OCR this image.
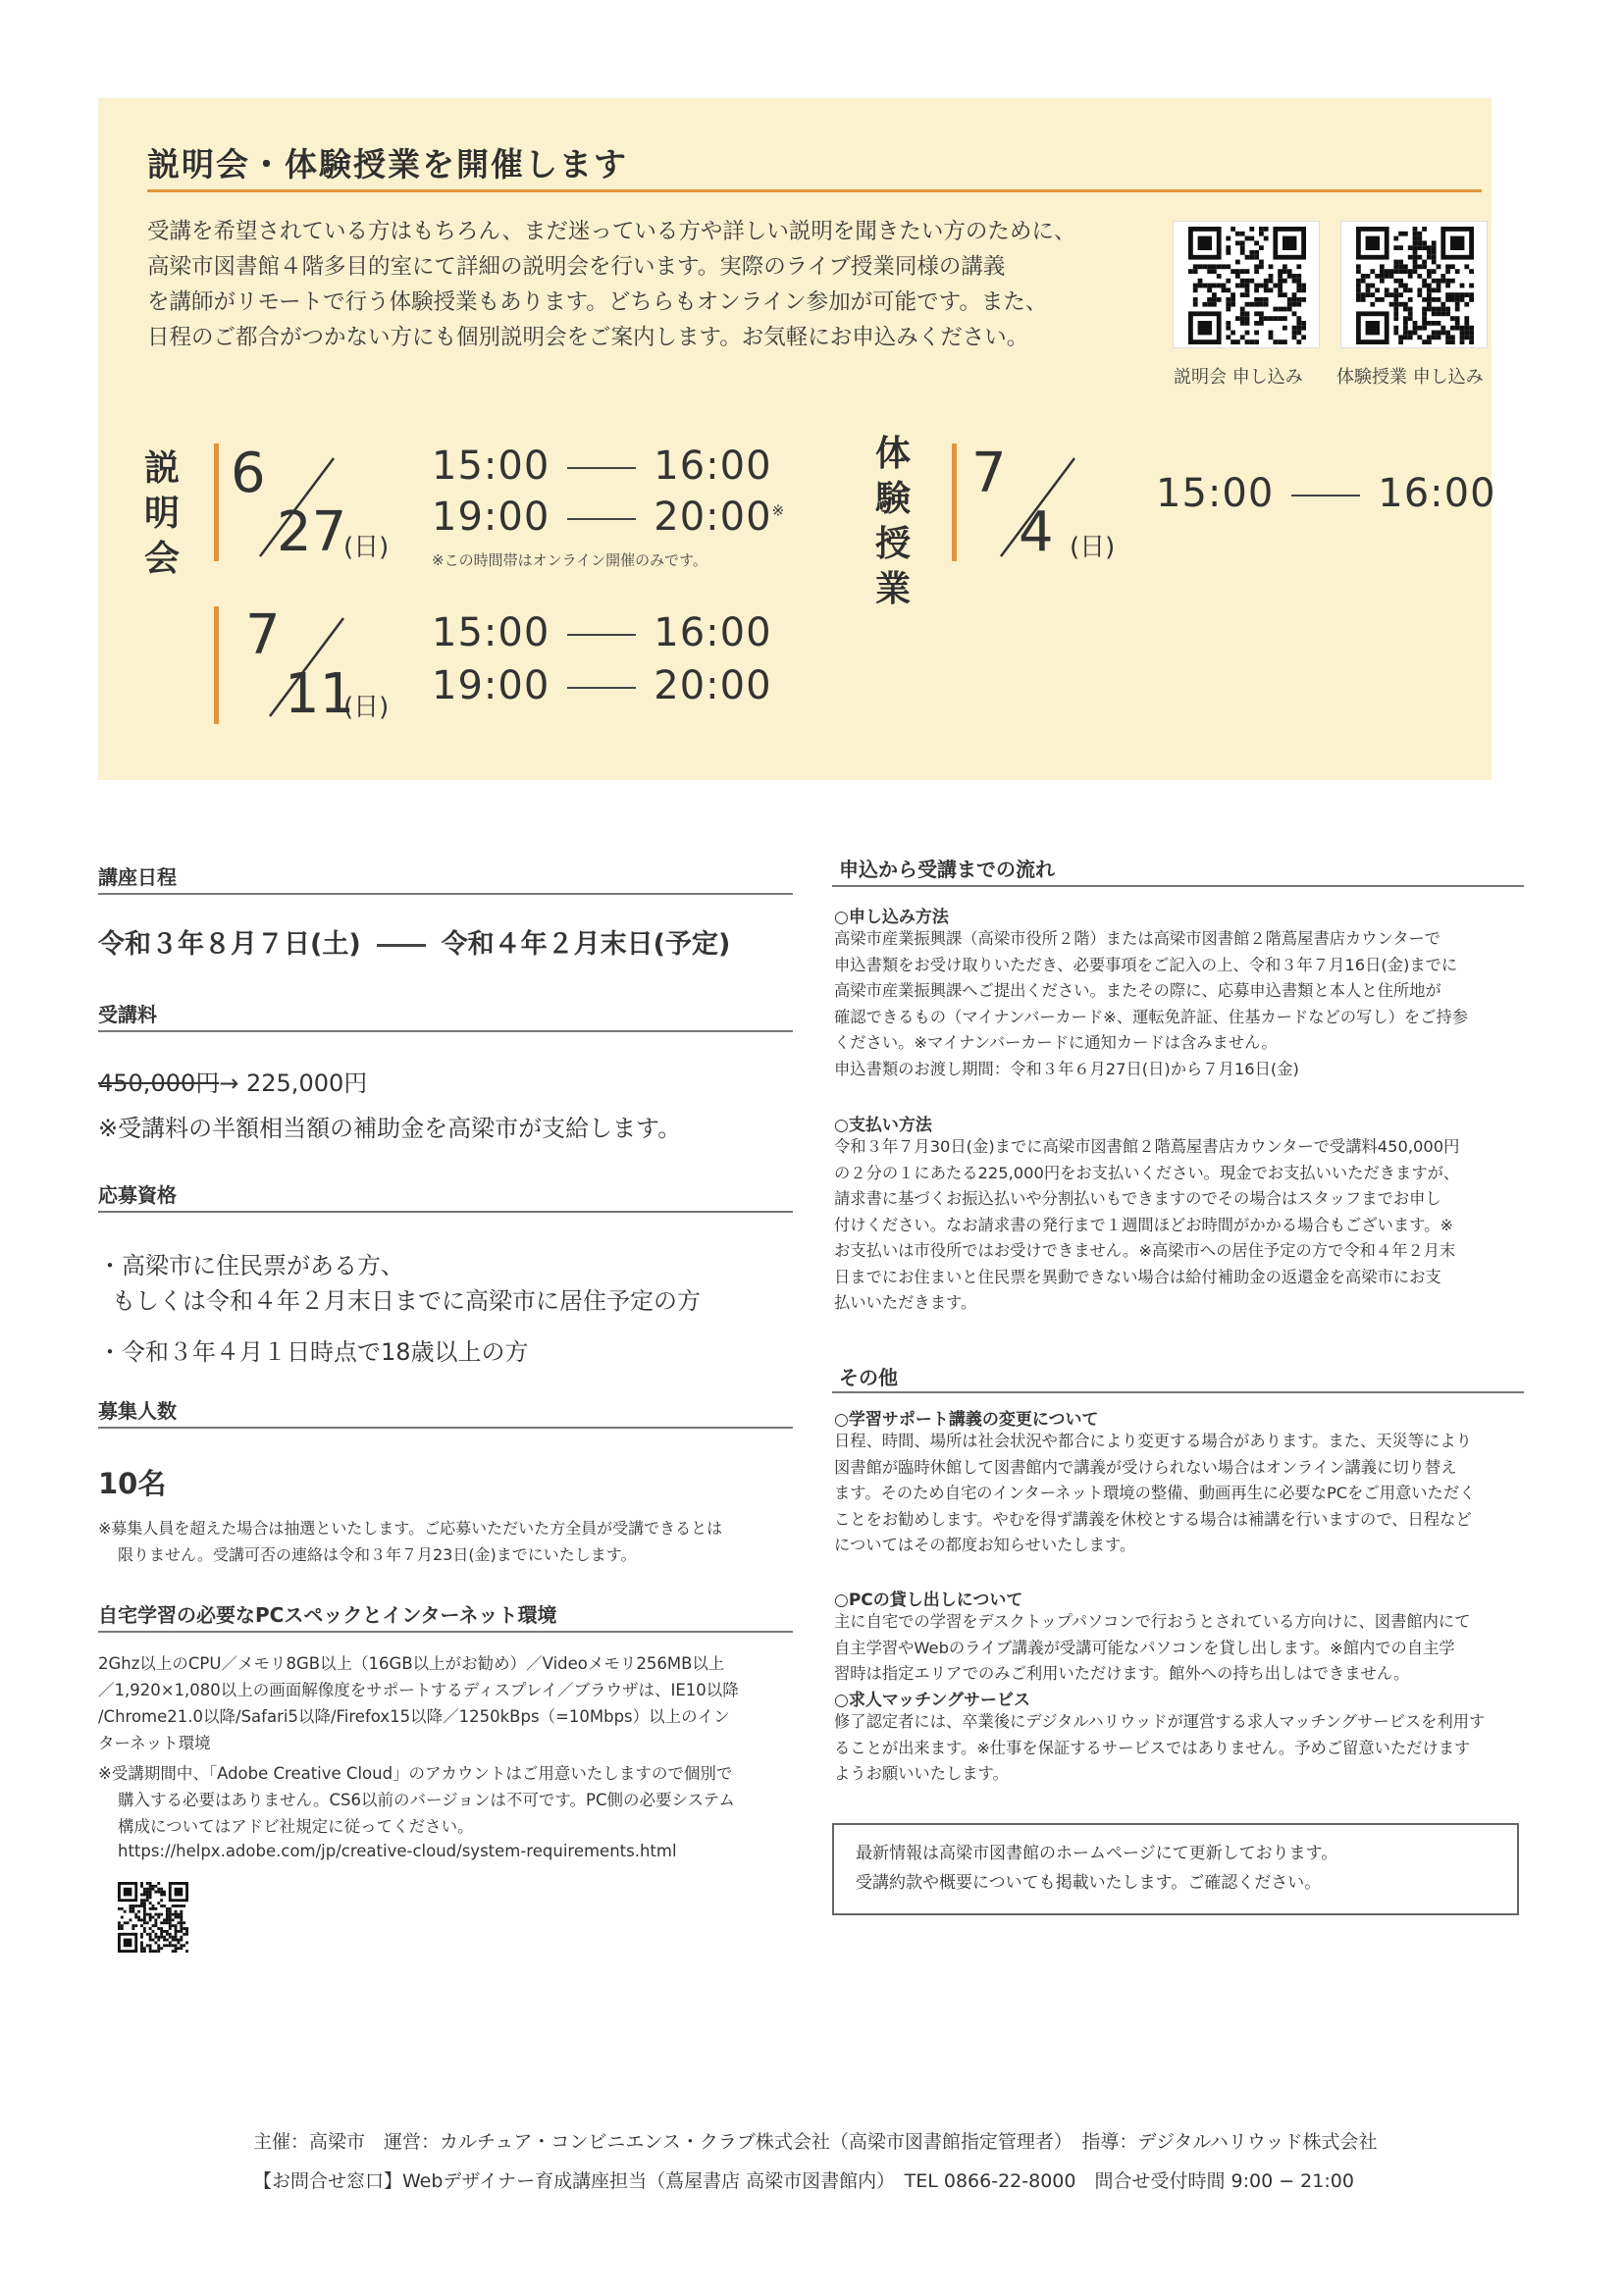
説明会・体験授業を開催します

受講を希望されている方はもちろん、まだ迷っている方や詳しい説明を聞きたい方のために、

高梁市図書館４階多目的室にて詳細の説明会を行います。実際のライブ授業同様の講義

を講師がリモートで行う体験授業もあります。どちらもオンライン参加が可能です。また、

日程のご都合がつかない方にも個別説明会をご案内します。お気軽にお申込みください。

説明会 申し込み 体験授業 申し込み
説
明
会
6
27
(日)
15:00	16:00
19:00	20:00※
※この時間帯はオンライン開催のみです。
7
11
(日)
15:00	16:00
19:00	20:00
体
験
授
業
7
4 (日)
15:00	16:00
講座日程
令和３年８月７日(土)	令和４年２月末日(予定)
受講料
450,000円→ 225,000円
※受講料の半額相当額の補助金を高梁市が支給します。
応募資格
・高梁市に住民票がある方、
もしくは令和４年２月末日までに高梁市に居住予定の方
・令和３年４月１日時点で18歳以上の方
募集人数
10名
※募集人員を超えた場合は抽選といたします。ご応募いただいた方全員が受講できるとは
限りません。受講可否の連絡は令和３年７月23日(金)までにいたします。
自宅学習の必要なPCスペックとインターネット環境

2Ghz以上のCPU／メモリ8GB以上（16GB以上がお勧め）／Videoメモリ256MB以上

／1,920×1,080以上の画面解像度をサポートするディスプレイ／ブラウザは、IE10以降

/Chrome21.0以降/Safari5以降/Firefox15以降／1250kBps（=10Mbps）以上のイン

ターネット環境

※受講期間中、「Adobe Creative Cloud」のアカウントはご用意いたしますので個別で

購入する必要はありません。CS6以前のバージョンは不可です。PC側の必要システム

構成についてはアドビ社規定に従ってください。

https://helpx.adobe.com/jp/creative-cloud/system-requirements.html
申込から受講までの流れ
○申し込み方法

高梁市産業振興課（高梁市役所２階）または高梁市図書館２階蔦屋書店カウンターで

申込書類をお受け取りいただき、必要事項をご記入の上、令和３年７月16日(金)までに

高梁市産業振興課へご提出ください。またその際に、応募申込書類と本人と住所地が

確認できるもの（マイナンバーカード※、運転免許証、住基カードなどの写し）をご持参

ください。※マイナンバーカードに通知カードは含みません。

申込書類のお渡し期間：令和３年６月27日(日)から７月16日(金)

○支払い方法

令和３年７月30日(金)までに高梁市図書館２階蔦屋書店カウンターで受講料450,000円

の２分の１にあたる225,000円をお支払いください。現金でお支払いいただきますが、

請求書に基づくお振込払いや分割払いもできますのでその場合はスタッフまでお申し

付けください。なお請求書の発行まで１週間ほどお時間がかかる場合もございます。※

お支払いは市役所ではお受けできません。※高梁市への居住予定の方で令和４年２月末

日までにお住まいと住民票を異動できない場合は給付補助金の返還金を高梁市にお支

払いいただきます。

その他
○学習サポート講義の変更について

日程、時間、場所は社会状況や都合により変更する場合があります。また、天災等により

図書館が臨時休館して図書館内で講義が受けられない場合はオンライン講義に切り替え

ます。そのため自宅のインターネット環境の整備、動画再生に必要なPCをご用意いただく

ことをお勧めします。やむを得ず講義を休校とする場合は補講を行いますので、日程など

についてはその都度お知らせいたします。

○PCの貸し出しについて

主に自宅での学習をデスクトップパソコンで行おうとされている方向けに、図書館内にて

自主学習やWebのライブ講義が受講可能なパソコンを貸し出します。※館内での自主学

習時は指定エリアでのみご利用いただけます。館外への持ち出しはできません。

○求人マッチングサービス

修了認定者には、卒業後にデジタルハリウッドが運営する求人マッチングサービスを利用す

ることが出来ます。※仕事を保証するサービスではありません。予めご留意いただけます

ようお願いいたします。

最新情報は高梁市図書館のホームページにて更新しております。

受講約款や概要についても掲載いたします。ご確認ください。

主催：高梁市　運営：カルチュア・コンビニエンス・クラブ株式会社（高梁市図書館指定管理者）　指導：デジタルハリウッド株式会社
【お問合せ窓口】Webデザイナー育成講座担当（蔦屋書店 高梁市図書館内）　TEL 0866-22-8000　問合せ受付時間 9:00 − 21:00
